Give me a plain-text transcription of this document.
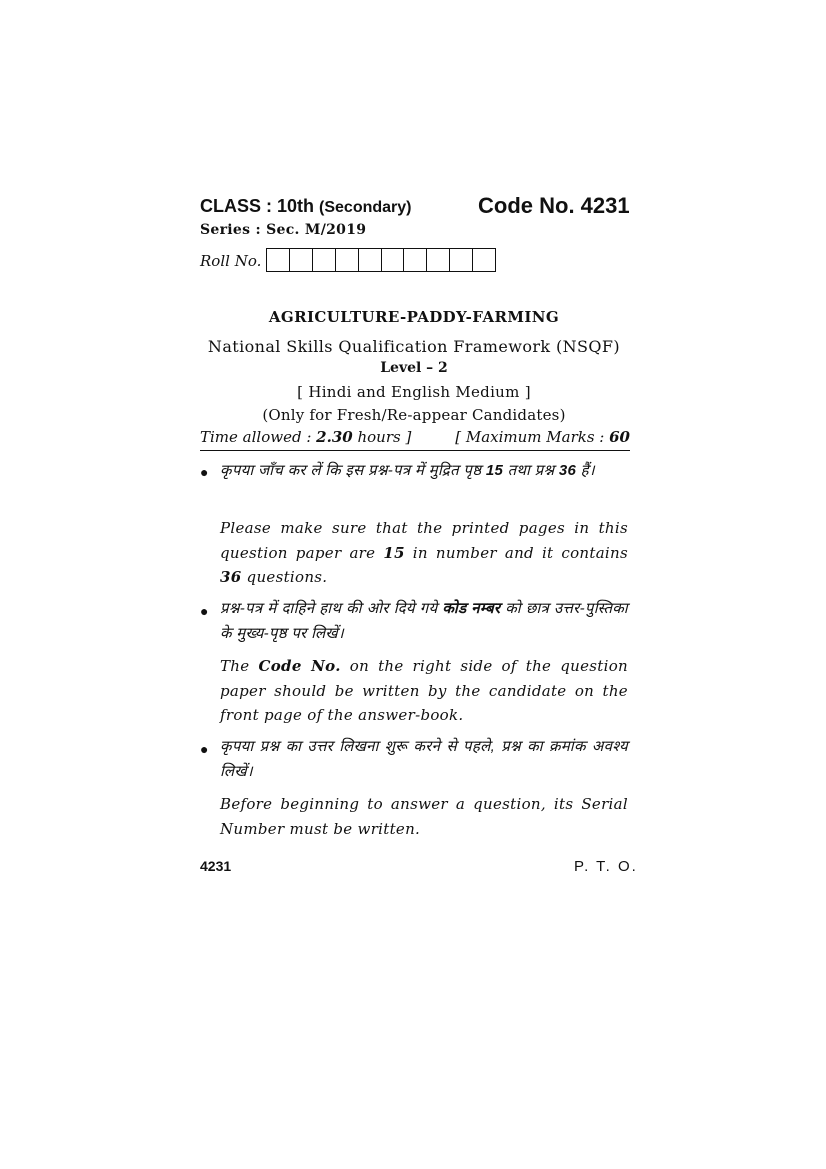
CLASS : 10th (Secondary)	Code No. 4231
Series : Sec. M/2019
Roll No.
AGRICULTURE-PADDY-FARMING
National Skills Qualification Framework (NSQF)
Level – 2
[ Hindi and English Medium ]
(Only for Fresh/Re-appear Candidates)
Time allowed : 2.30 hours ]	[ Maximum Marks : 60
● कृपया जाँच कर लें कि इस प्रश्न-पत्र में मुद्रित पृष्ठ 15 तथा प्रश्न 36 हैं।
Please make sure that the printed pages in this question paper are 15 in number and it contains 36 questions.
● प्रश्न-पत्र में दाहिने हाथ की ओर दिये गये कोड नम्बर को छात्र उत्तर-पुस्तिका के मुख्य-पृष्ठ पर लिखें।
The Code No. on the right side of the question paper should be written by the candidate on the front page of the answer-book.
● कृपया प्रश्न का उत्तर लिखना शुरू करने से पहले, प्रश्न का क्रमांक अवश्य लिखें।
Before beginning to answer a question, its Serial Number must be written.
4231	P. T. O.
